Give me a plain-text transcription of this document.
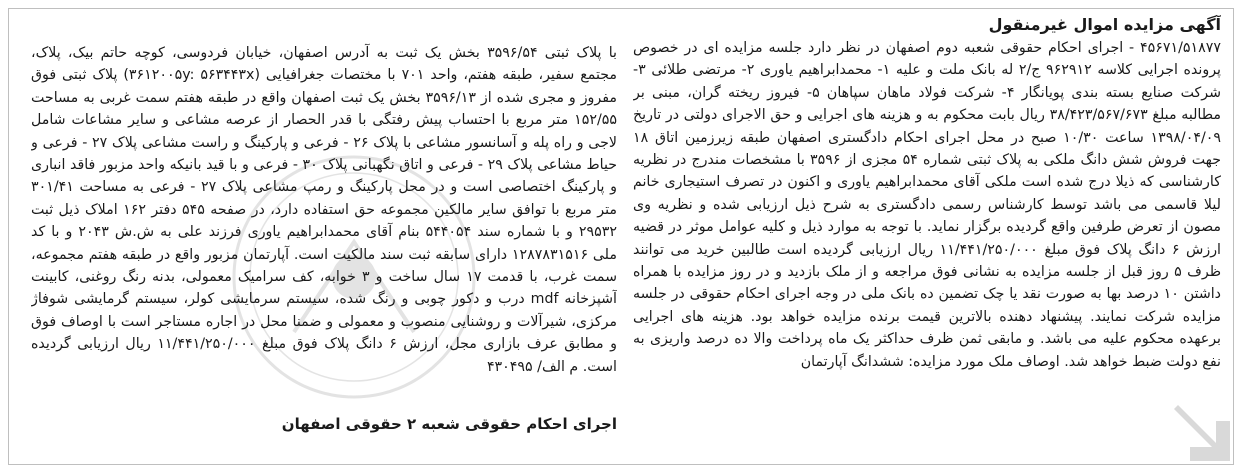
آگهی مزایده اموال غیرمنقول

۴۵۶۷۱/۵۱۸۷۷ - اجرای احکام حقوقی شعبه دوم اصفهان در نظر دارد جلسه مزایده ای در خصوص پرونده اجرایی کلاسه ۹۶۲۹۱۲ ج/۲ له بانک ملت و علیه ۱- محمدابراهیم یاوری ۲- مرتضی طلائی ۳- شرکت صنایع بسته بندی پویانگار ۴- شرکت فولاد ماهان سپاهان ۵- فیروز ریخته گران، مبنی بر مطالبه مبلغ ۳۸/۴۲۳/۵۶۷/۶۷۳ ریال بابت محکوم به و هزینه های اجرایی و حق الاجرای دولتی در تاریخ ۱۳۹۸/۰۴/۰۹ ساعت ۱۰/۳۰ صبح در محل اجرای احکام دادگستری اصفهان طبقه زیرزمین اتاق ۱۸ جهت فروش شش دانگ ملکی به پلاک ثبتی شماره ۵۴ مجزی از ۳۵۹۶ با مشخصات مندرج در نظریه کارشناسی که ذیلا درج شده است ملکی آقای محمدابراهیم یاوری و اکنون در تصرف استیجاری خانم لیلا قاسمی می باشد توسط کارشناس رسمی دادگستری به شرح ذیل ارزیابی شده و نظریه وی مصون از تعرض طرفین واقع گردیده برگزار نماید. با توجه به موارد ذیل و کلیه عوامل موثر در قضیه ارزش ۶ دانگ پلاک فوق مبلغ ۱۱/۴۴۱/۲۵۰/۰۰۰ ریال ارزیابی گردیده است طالبین خرید می توانند ظرف ۵ روز قبل از جلسه مزایده به نشانی فوق مراجعه و از ملک بازدید و در روز مزایده با همراه داشتن ۱۰ درصد بها به صورت نقد یا چک تضمین ده بانک ملی در وجه اجرای احکام حقوقی در جلسه مزایده شرکت نمایند. پیشنهاد دهنده بالاترین قیمت برنده مزایده خواهد بود. هزینه های اجرایی برعهده محکوم علیه می باشد. و مابقی ثمن ظرف حداکثر یک ماه پرداخت والا ده درصد واریزی به نفع دولت ضبط خواهد شد. اوصاف ملک مورد مزایده: ششدانگ آپارتمان

با پلاک ثبتی ۳۵۹۶/۵۴ بخش یک ثبت به آدرس اصفهان، خیابان فردوسی، کوچه حاتم بیک، پلاک، مجتمع سفیر، طبقه هفتم، واحد ۷۰۱ با مختصات جغرافیایی (۳۶۱۲۰۰۵y: ۵۶۳۴۴۳x) پلاک ثبتی فوق مفروز و مجری شده از ۳۵۹۶/۱۳ بخش یک ثبت اصفهان واقع در طبقه هفتم سمت غربی به مساحت ۱۵۲/۵۵ متر مربع با احتساب پیش رفتگی با قدر الحصار از عرصه مشاعی و سایر مشاعات شامل لاجی و راه پله و آسانسور مشاعی با پلاک ۲۶ - فرعی و پارکینگ و راست مشاعی پلاک ۲۷ - فرعی و حیاط مشاعی پلاک ۲۹ - فرعی و اتاق نگهبانی پلاک ۳۰ - فرعی و با قید بانیکه واحد مزبور فاقد انباری و پارکینگ اختصاصی است و در محل پارکینگ و رمپ مشاعی پلاک ۲۷ - فرعی به مساحت ۳۰۱/۴۱ متر مربع با توافق سایر مالکین مجموعه حق استفاده دارد، در صفحه ۵۴۵ دفتر ۱۶۲ املاک ذیل ثبت ۲۹۵۳۲ و با شماره سند ۵۴۴۰۵۴ بنام آقای محمدابراهیم یاوری فرزند علی به ش.ش ۲۰۴۳ و با کد ملی ۱۲۸۷۸۳۱۵۱۶ دارای سابقه ثبت سند مالکیت است. آپارتمان مزبور واقع در طبقه هفتم مجموعه، سمت غرب، با قدمت ۱۷ سال ساخت و ۳ خوابه، کف سرامیک معمولی، بدنه رنگ روغنی، کابینت آشپزخانه mdf درب و دکور چوبی و رنگ شده، سیستم سرمایشی کولر، سیستم گرمایشی شوفاژ مرکزی، شیرآلات و روشنایی منصوب و معمولی و ضمنا محل در اجاره مستاجر است با اوصاف فوق و مطابق عرف بازاری مجل، ارزش ۶ دانگ پلاک فوق مبلغ ۱۱/۴۴۱/۲۵۰/۰۰۰ ریال ارزیابی گردیده است. م الف/ ۴۳۰۴۹۵

اجرای احکام حقوقی شعبه ۲ حقوقی اصفهان
